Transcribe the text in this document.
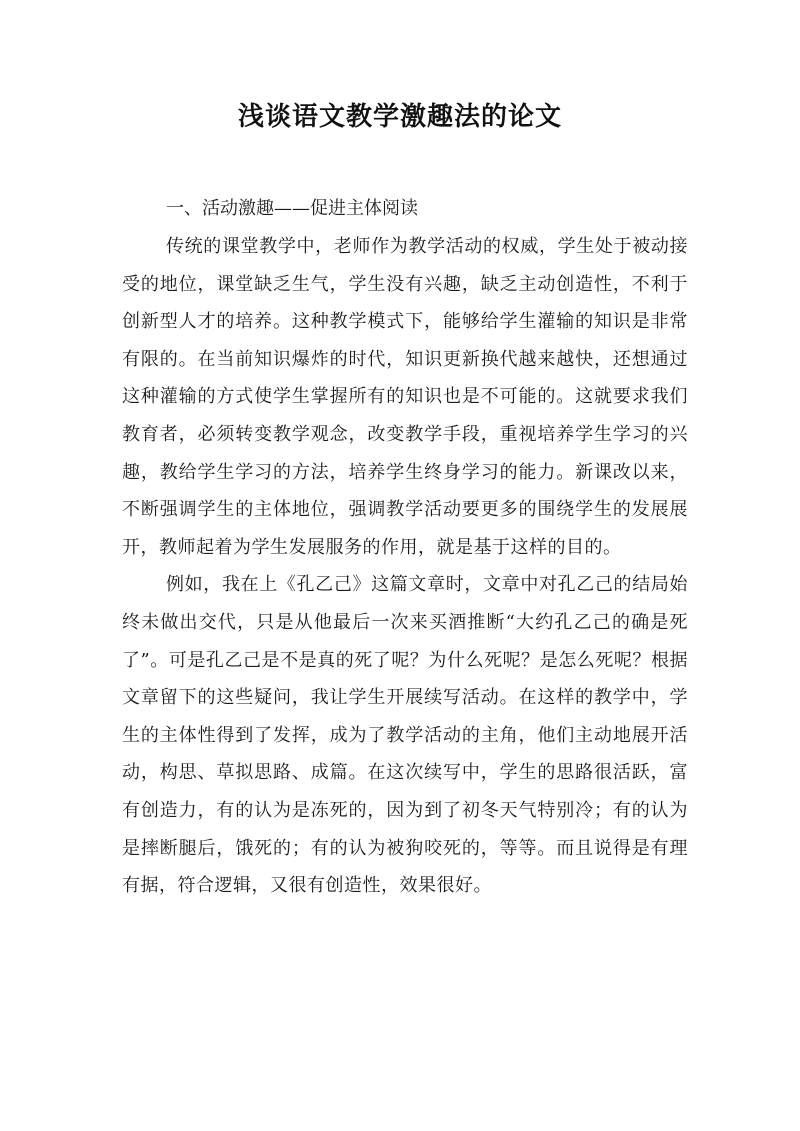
浅谈语文教学激趣法的论文

一、活动激趣——促进主体阅读

传统的课堂教学中，老师作为教学活动的权威，学生处于被动接受的地位，课堂缺乏生气，学生没有兴趣，缺乏主动创造性，不利于创新型人才的培养。这种教学模式下，能够给学生灌输的知识是非常有限的。在当前知识爆炸的时代，知识更新换代越来越快，还想通过这种灌输的方式使学生掌握所有的知识也是不可能的。这就要求我们教育者，必须转变教学观念，改变教学手段，重视培养学生学习的兴趣，教给学生学习的方法，培养学生终身学习的能力。新课改以来，不断强调学生的主体地位，强调教学活动要更多的围绕学生的发展展开，教师起着为学生发展服务的作用，就是基于这样的目的。

例如，我在上《孔乙己》这篇文章时，文章中对孔乙己的结局始终未做出交代，只是从他最后一次来买酒推断“大约孔乙己的确是死了”。可是孔乙己是不是真的死了呢？为什么死呢？是怎么死呢？根据文章留下的这些疑问，我让学生开展续写活动。在这样的教学中，学生的主体性得到了发挥，成为了教学活动的主角，他们主动地展开活动，构思、草拟思路、成篇。在这次续写中，学生的思路很活跃，富有创造力，有的认为是冻死的，因为到了初冬天气特别冷；有的认为是摔断腿后，饿死的；有的认为被狗咬死的，等等。而且说得是有理有据，符合逻辑，又很有创造性，效果很好。
